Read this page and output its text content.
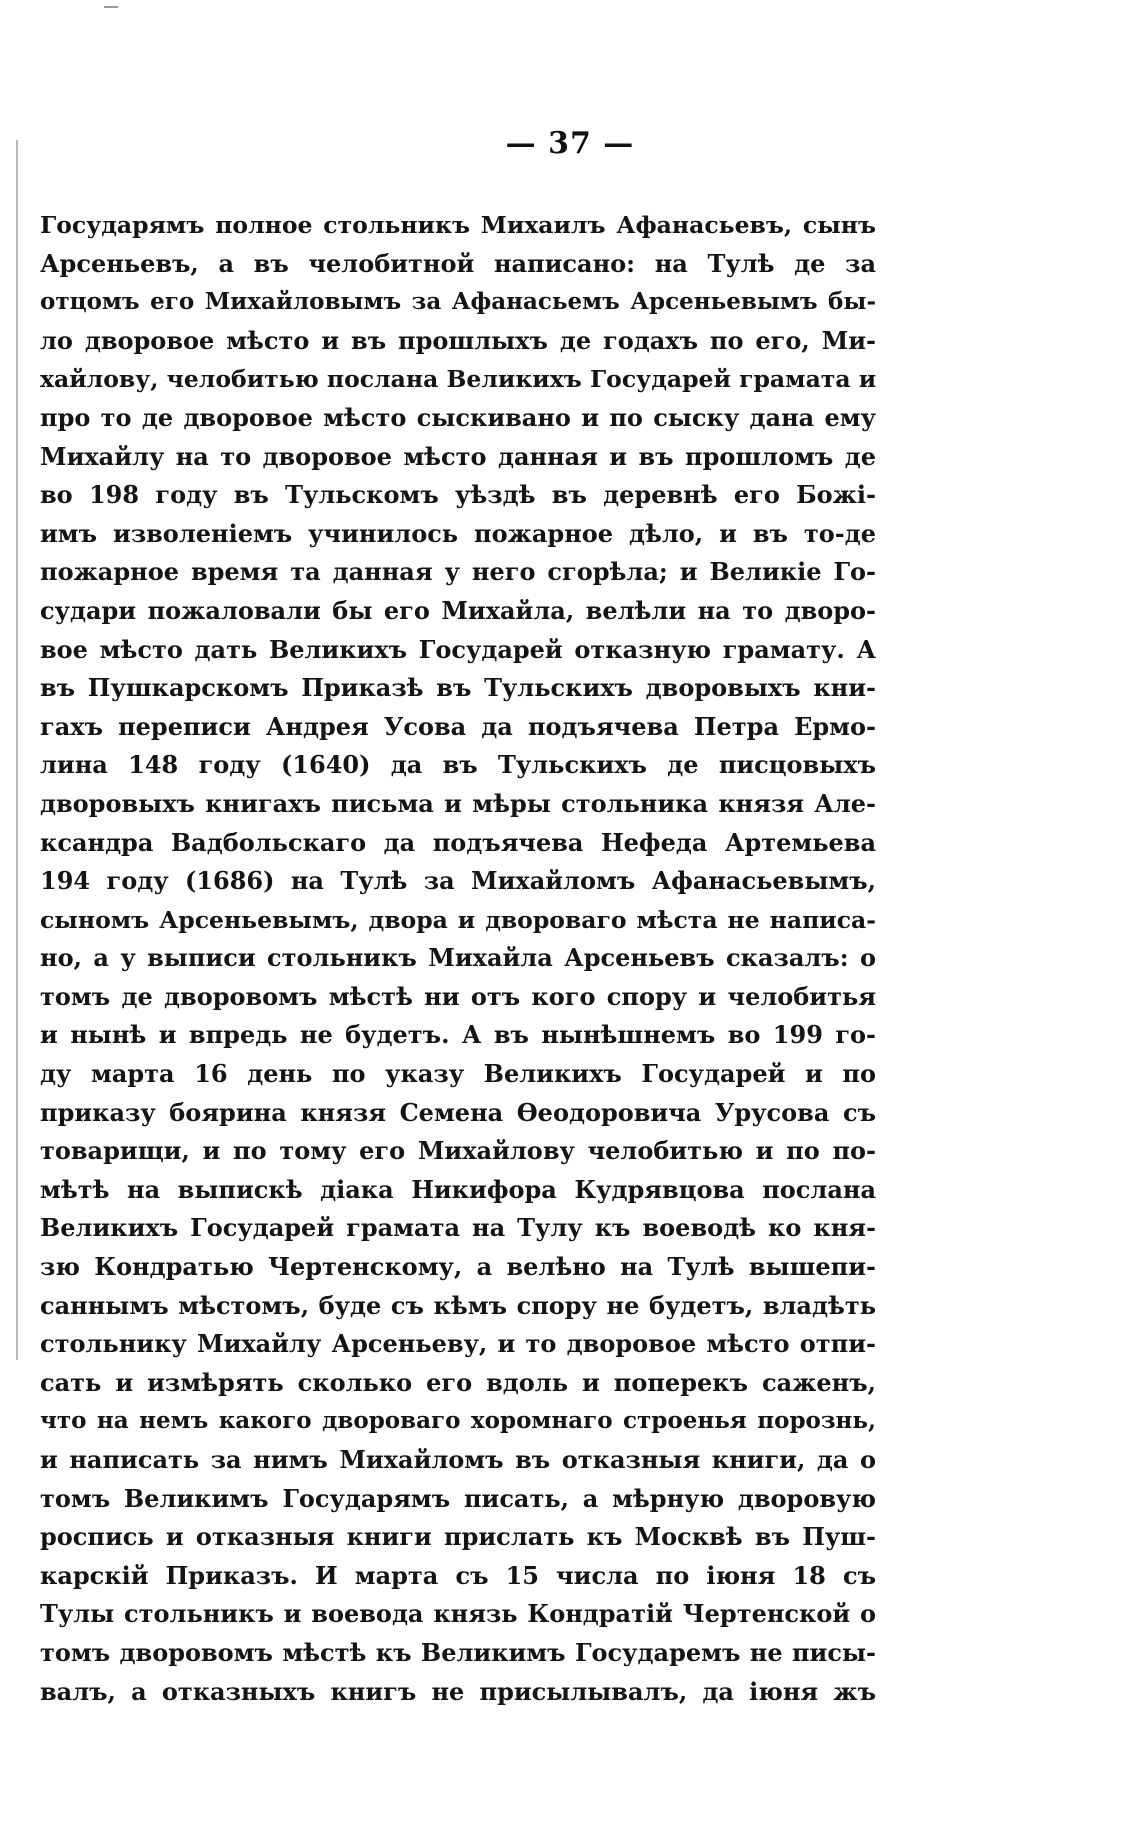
— 37 —
Государямъ полное стольникъ Михаилъ Афанасьевъ, сынъ
Арсеньевъ, а въ челобитной написано: на Тулѣ де за
отцомъ его Михайловымъ за Афанасьемъ Арсеньевымъ бы-
ло дворовое мѣсто и въ прошлыхъ де годахъ по его, Ми-
хайлову, челобитью послана Великихъ Государей грамата и
про то де дворовое мѣсто сыскивано и по сыску дана ему
Михайлу на то дворовое мѣсто данная и въ прошломъ де
во 198 году въ Тульскомъ уѣздѣ въ деревнѣ его Божі-
имъ изволеніемъ учинилось пожарное дѣло, и въ то-де
пожарное время та данная у него сгорѣла; и Великіе Го-
судари пожаловали бы его Михайла, велѣли на то дворо-
вое мѣсто дать Великихъ Государей отказную грамату. А
въ Пушкарскомъ Приказѣ въ Тульскихъ дворовыхъ кни-
гахъ переписи Андрея Усова да подъячева Петра Ермо-
лина 148 году (1640) да въ Тульскихъ де писцовыхъ
дворовыхъ книгахъ письма и мѣры стольника князя Але-
ксандра Вадбольскаго да подъячева Нефеда Артемьева
194 году (1686) на Тулѣ за Михайломъ Афанасьевымъ,
сыномъ Арсеньевымъ, двора и двороваго мѣста не написа-
но, а у выписи стольникъ Михайла Арсеньевъ сказалъ: о
томъ де дворовомъ мѣстѣ ни отъ кого спору и челобитья
и нынѣ и впредь не будетъ. А въ нынѣшнемъ во 199 го-
ду марта 16 день по указу Великихъ Государей и по
приказу боярина князя Семена Өеодоровича Урусова съ
товарищи, и по тому его Михайлову челобитью и по по-
мѣтѣ на выпискѣ діака Никифора Кудрявцова послана
Великихъ Государей грамата на Тулу къ воеводѣ ко кня-
зю Кондратью Чертенскому, а велѣно на Тулѣ вышепи-
саннымъ мѣстомъ, буде съ кѣмъ спору не будетъ, владѣть
стольнику Михайлу Арсеньеву, и то дворовое мѣсто отпи-
сать и измѣрять сколько его вдоль и поперекъ саженъ,
что на немъ какого двороваго хоромнаго строенья порознь,
и написать за нимъ Михайломъ въ отказныя книги, да о
томъ Великимъ Государямъ писать, а мѣрную дворовую
роспись и отказныя книги прислать къ Москвѣ въ Пуш-
карскій Приказъ. И марта съ 15 числа по іюня 18 съ
Тулы стольникъ и воевода князь Кондратій Чертенской о
томъ дворовомъ мѣстѣ къ Великимъ Государемъ не писы-
валъ, а отказныхъ книгъ не присылывалъ, да іюня жъ
